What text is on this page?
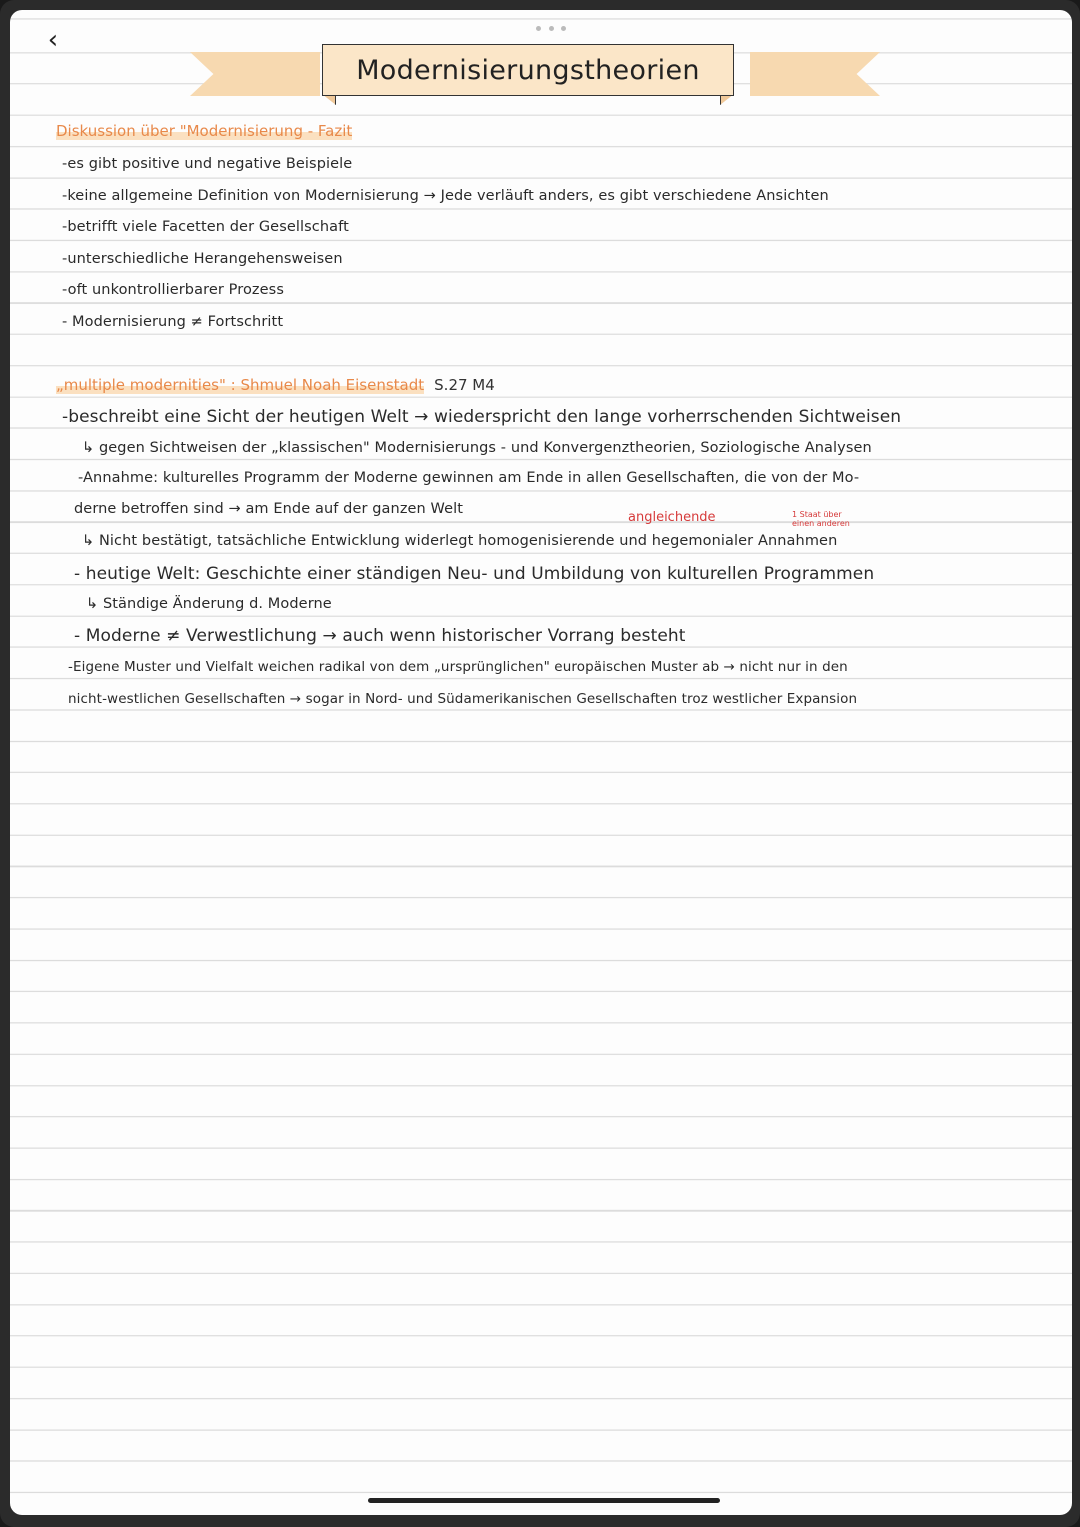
‹
Modernisierungstheorien
Diskussion über "Modernisierung - Fazit
-es gibt positive und negative Beispiele
-keine allgemeine Definition von Modernisierung → Jede verläuft anders, es gibt verschiedene Ansichten
-betrifft viele Facetten der Gesellschaft
-unterschiedliche Herangehensweisen
-oft unkontrollierbarer Prozess
- Modernisierung ≠ Fortschritt
„multiple modernities" : Shmuel Noah Eisenstadt S.27 M4
-beschreibt eine Sicht der heutigen Welt → wiederspricht den lange vorherrschenden Sichtweisen
↳ gegen Sichtweisen der „klassischen" Modernisierungs - und Konvergenztheorien, Soziologische Analysen
-Annahme: kulturelles Programm der Moderne gewinnen am Ende in allen Gesellschaften, die von der Mo-
derne betroffen sind → am Ende auf der ganzen Welt
angleichende	1 Staat über
einen anderen
↳ Nicht bestätigt, tatsächliche Entwicklung widerlegt homogenisierende und hegemonialer Annahmen
- heutige Welt: Geschichte einer ständigen Neu- und Umbildung von kulturellen Programmen
↳ Ständige Änderung d. Moderne
- Moderne ≠ Verwestlichung → auch wenn historischer Vorrang besteht
-Eigene Muster und Vielfalt weichen radikal von dem „ursprünglichen" europäischen Muster ab → nicht nur in den
nicht-westlichen Gesellschaften → sogar in Nord- und Südamerikanischen Gesellschaften troz westlicher Expansion
